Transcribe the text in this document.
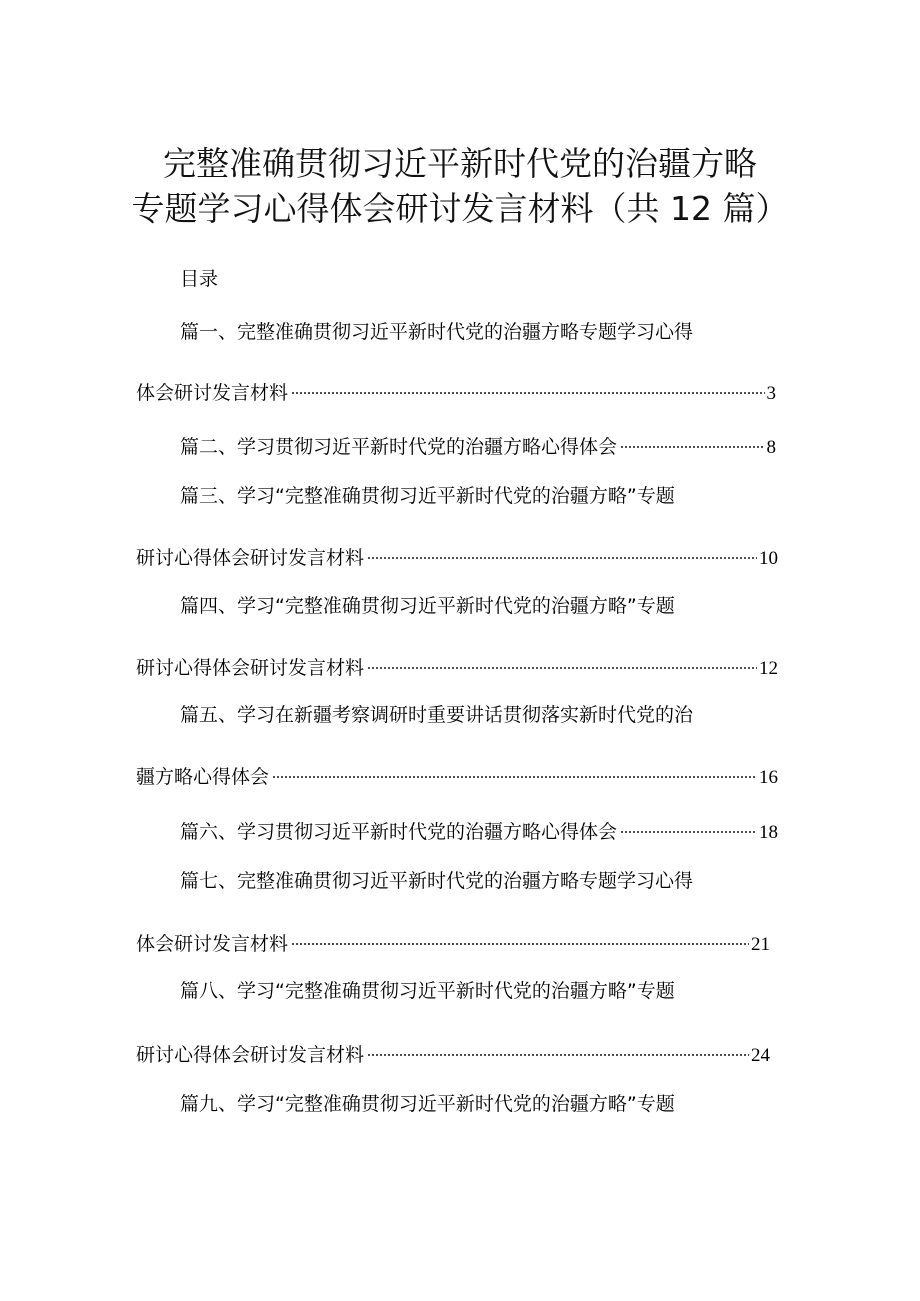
完整准确贯彻习近平新时代党的治疆方略
专题学习心得体会研讨发言材料（共 12 篇）
目录
篇一、完整准确贯彻习近平新时代党的治疆方略专题学习心得
体会研讨发言材料	3
篇二、学习贯彻习近平新时代党的治疆方略心得体会	8
篇三、学习“完整准确贯彻习近平新时代党的治疆方略”专题
研讨心得体会研讨发言材料	10
篇四、学习“完整准确贯彻习近平新时代党的治疆方略”专题
研讨心得体会研讨发言材料	12
篇五、学习在新疆考察调研时重要讲话贯彻落实新时代党的治
疆方略心得体会	16
篇六、学习贯彻习近平新时代党的治疆方略心得体会	18
篇七、完整准确贯彻习近平新时代党的治疆方略专题学习心得
体会研讨发言材料	21
篇八、学习“完整准确贯彻习近平新时代党的治疆方略”专题
研讨心得体会研讨发言材料	24
篇九、学习“完整准确贯彻习近平新时代党的治疆方略”专题
